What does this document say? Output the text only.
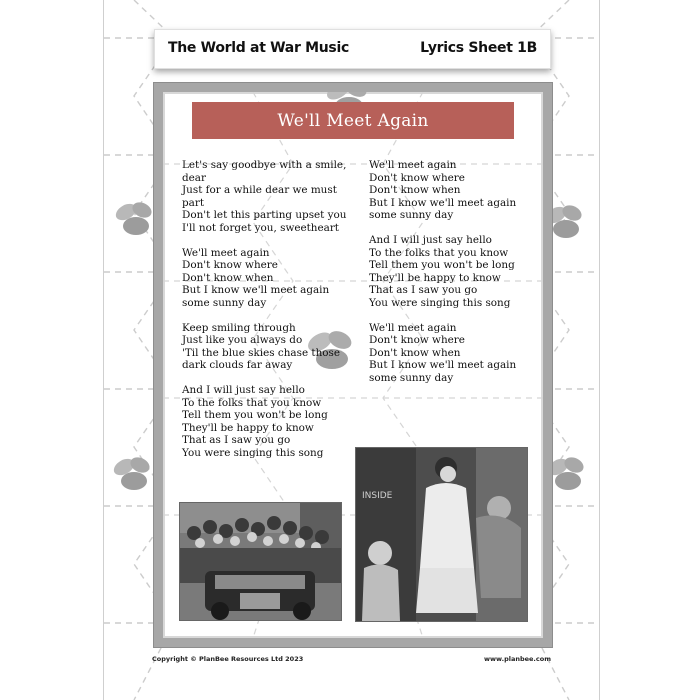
The World at War Music	Lyrics Sheet 1B
We'll Meet Again
Let's say goodbye with a smile,
dear
Just for a while dear we must
part
Don't let this parting upset you
I'll not forget you, sweetheart
We'll meet again
Don't know where
Don't know when
But I know we'll meet again
some sunny day
Keep smiling through
Just like you always do
'Til the blue skies chase those
dark clouds far away
And I will just say hello
To the folks that you know
Tell them you won't be long
They'll be happy to know
That as I saw you go
You were singing this song
We'll meet again
Don't know where
Don't know when
But I know we'll meet again
some sunny day
And I will just say hello
To the folks that you know
Tell them you won't be long
They'll be happy to know
That as I saw you go
You were singing this song
We'll meet again
Don't know where
Don't know when
But I know we'll meet again
some sunny day
INSIDE
Copyright © PlanBee Resources Ltd 2023	www.planbee.com
